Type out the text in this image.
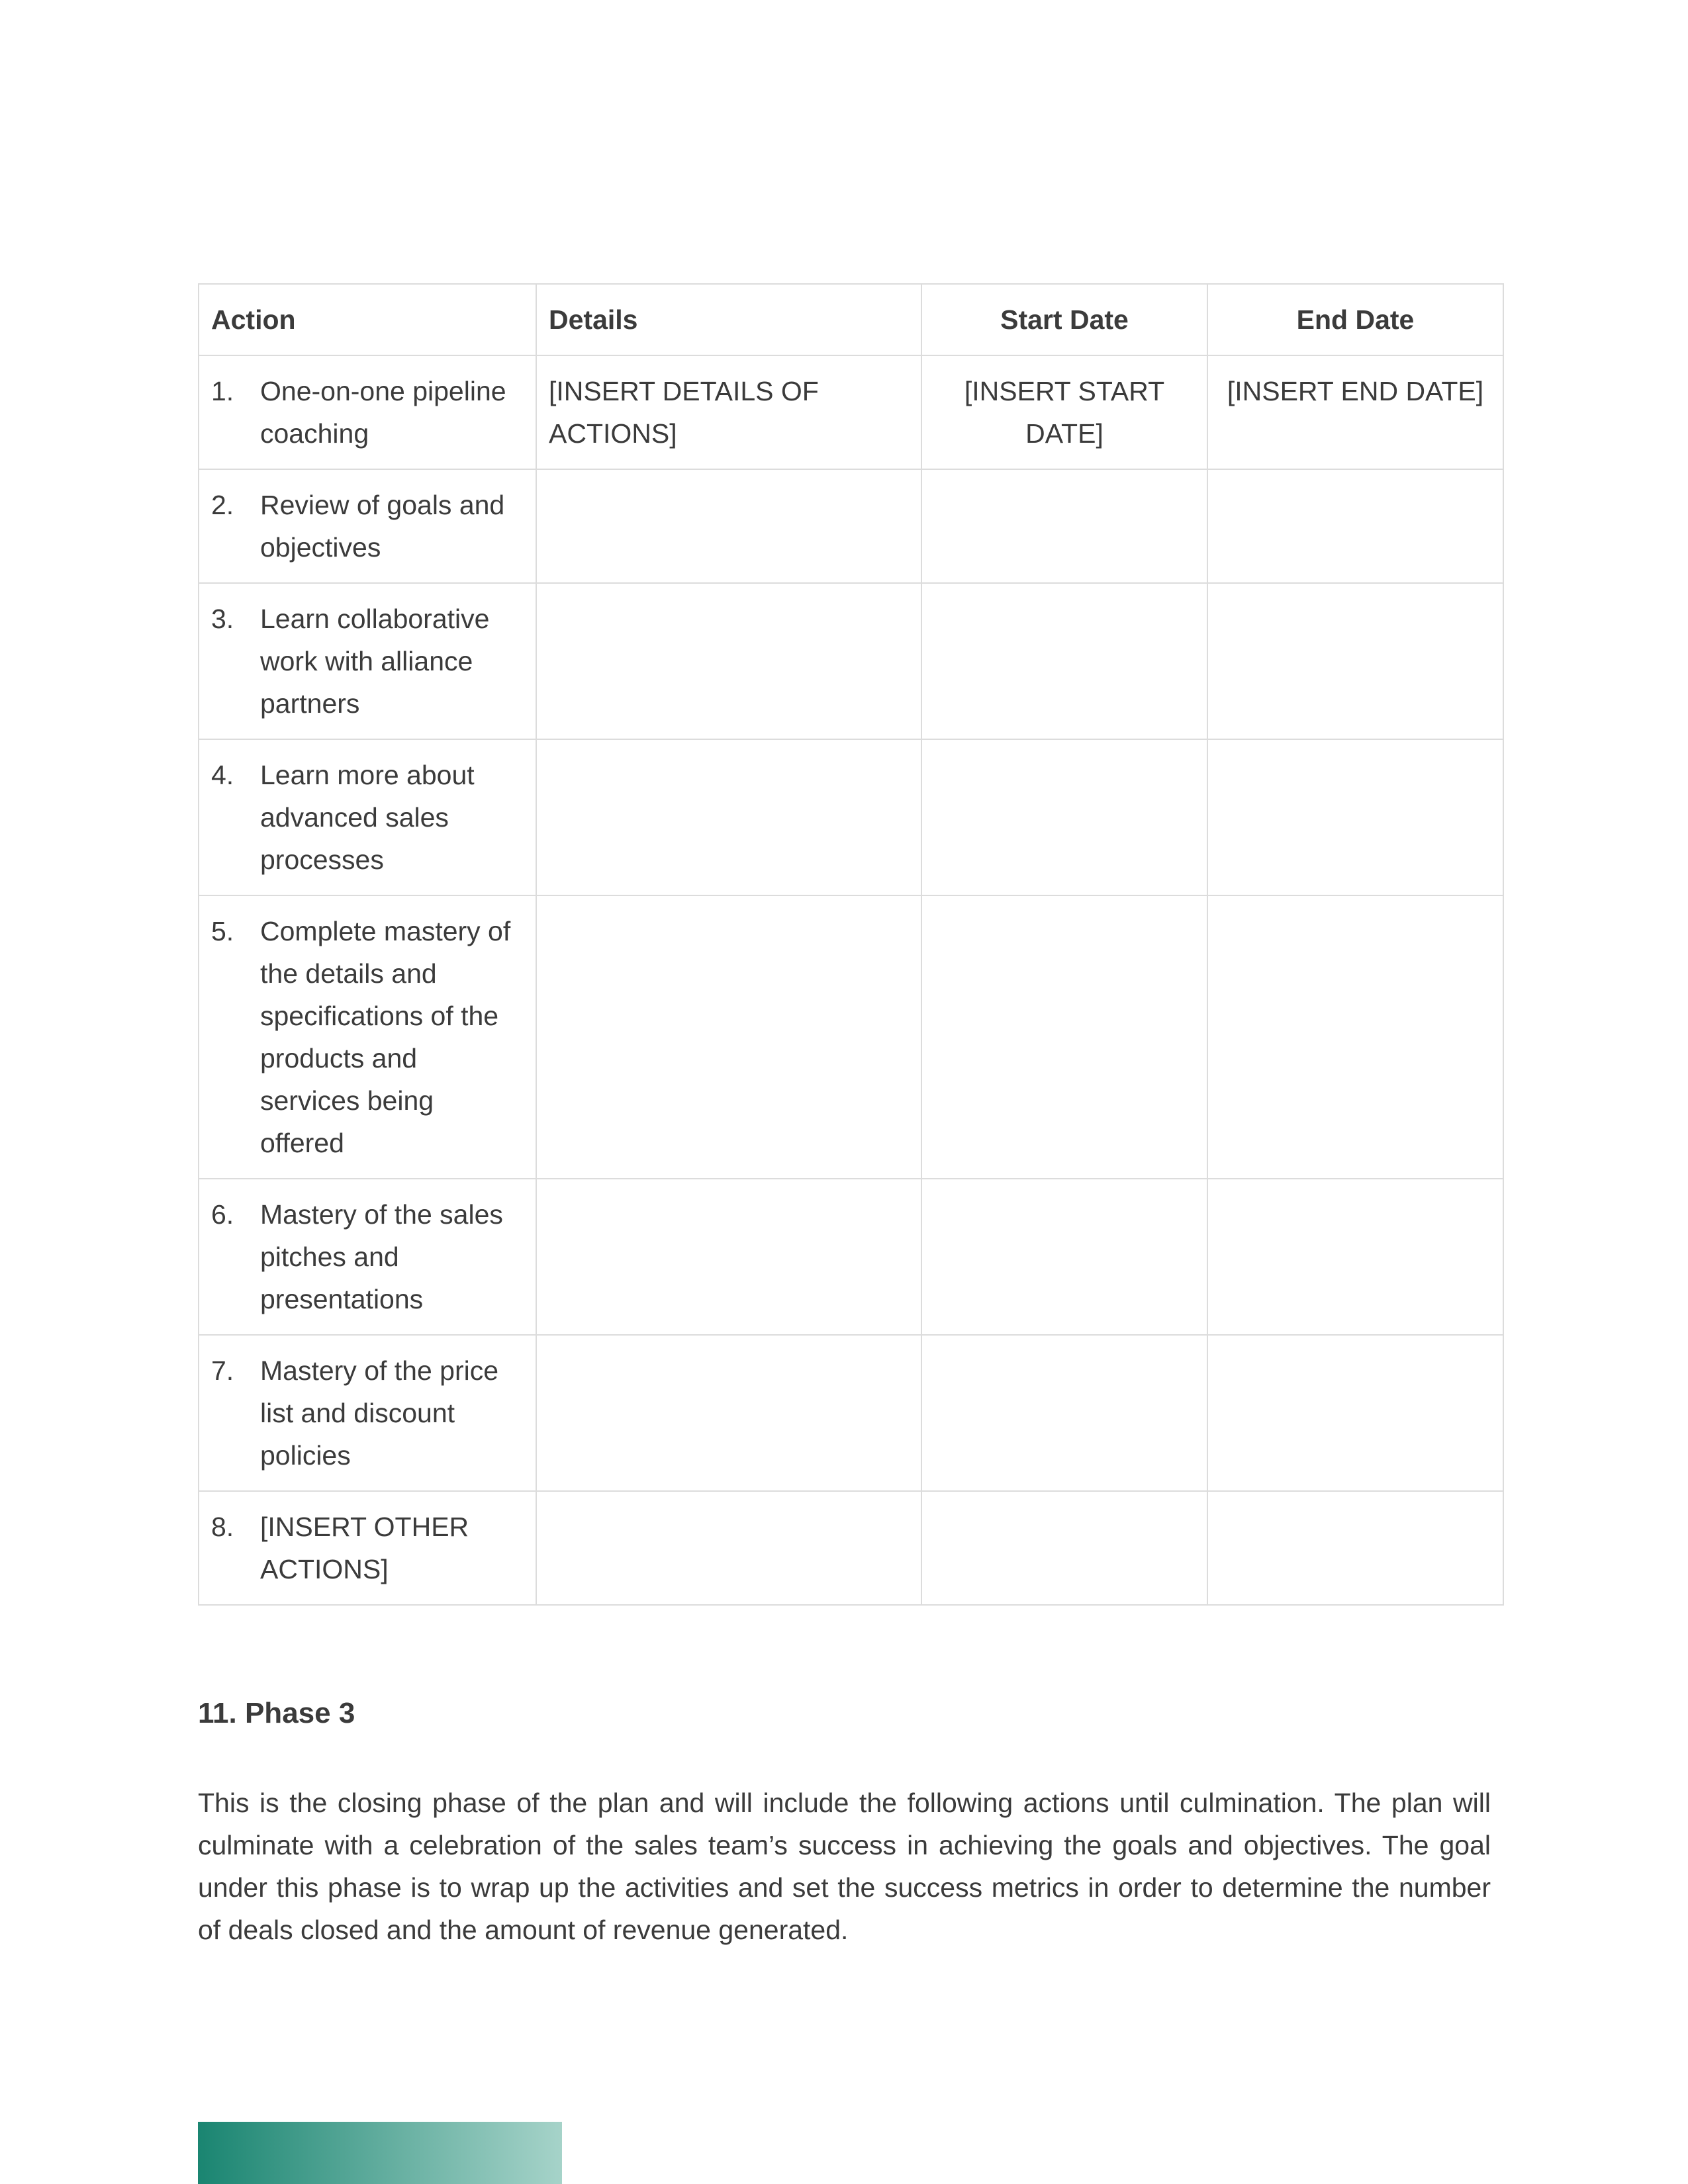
Action	Details	Start Date	End Date

1. One-on-one pipeline coaching	[INSERT DETAILS OF ACTIONS]	[INSERT START DATE]	[INSERT END DATE]

2. Review of goals and objectives			

3. Learn collaborative work with alliance partners			

4. Learn more about advanced sales processes			

5. Complete mastery of the details and specifications of the products and services being offered			

6. Mastery of the sales pitches and presentations			

7. Mastery of the price list and discount policies			

8. [INSERT OTHER ACTIONS]			

11. Phase 3

This is the closing phase of the plan and will include the following actions until culmination. The plan will culminate with a celebration of the sales team’s success in achieving the goals and objectives. The goal under this phase is to wrap up the activities and set the success metrics in order to determine the number of deals closed and the amount of revenue generated.
